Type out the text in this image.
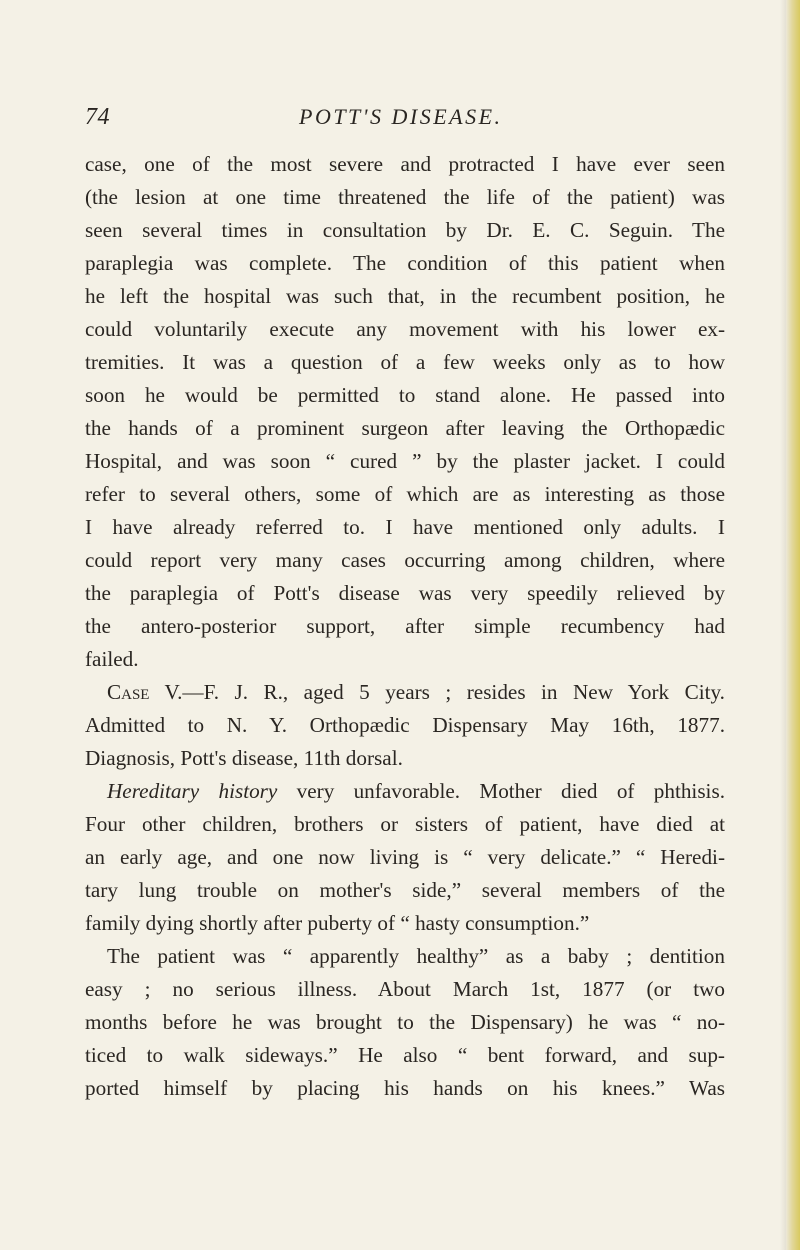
74	POTT'S DISEASE.
case, one of the most severe and protracted I have ever seen
(the lesion at one time threatened the life of the patient) was
seen several times in consultation by Dr. E. C. Seguin. The
paraplegia was complete. The condition of this patient when
he left the hospital was such that, in the recumbent position, he
could voluntarily execute any movement with his lower ex-
tremities. It was a question of a few weeks only as to how
soon he would be permitted to stand alone. He passed into
the hands of a prominent surgeon after leaving the Orthopædic
Hospital, and was soon “ cured ” by the plaster jacket. I could
refer to several others, some of which are as interesting as those
I have already referred to. I have mentioned only adults. I
could report very many cases occurring among children, where
the paraplegia of Pott's disease was very speedily relieved by
the antero-posterior support, after simple recumbency had
failed.
Case V.—F. J. R., aged 5 years ; resides in New York City.
Admitted to N. Y. Orthopædic Dispensary May 16th, 1877.
Diagnosis, Pott's disease, 11th dorsal.
Hereditary history very unfavorable. Mother died of phthisis.
Four other children, brothers or sisters of patient, have died at
an early age, and one now living is “ very delicate.” “ Heredi-
tary lung trouble on mother's side,” several members of the
family dying shortly after puberty of “ hasty consumption.”
The patient was “ apparently healthy” as a baby ; dentition
easy ; no serious illness. About March 1st, 1877 (or two
months before he was brought to the Dispensary) he was “ no-
ticed to walk sideways.” He also “ bent forward, and sup-
ported himself by placing his hands on his knees.” Was
